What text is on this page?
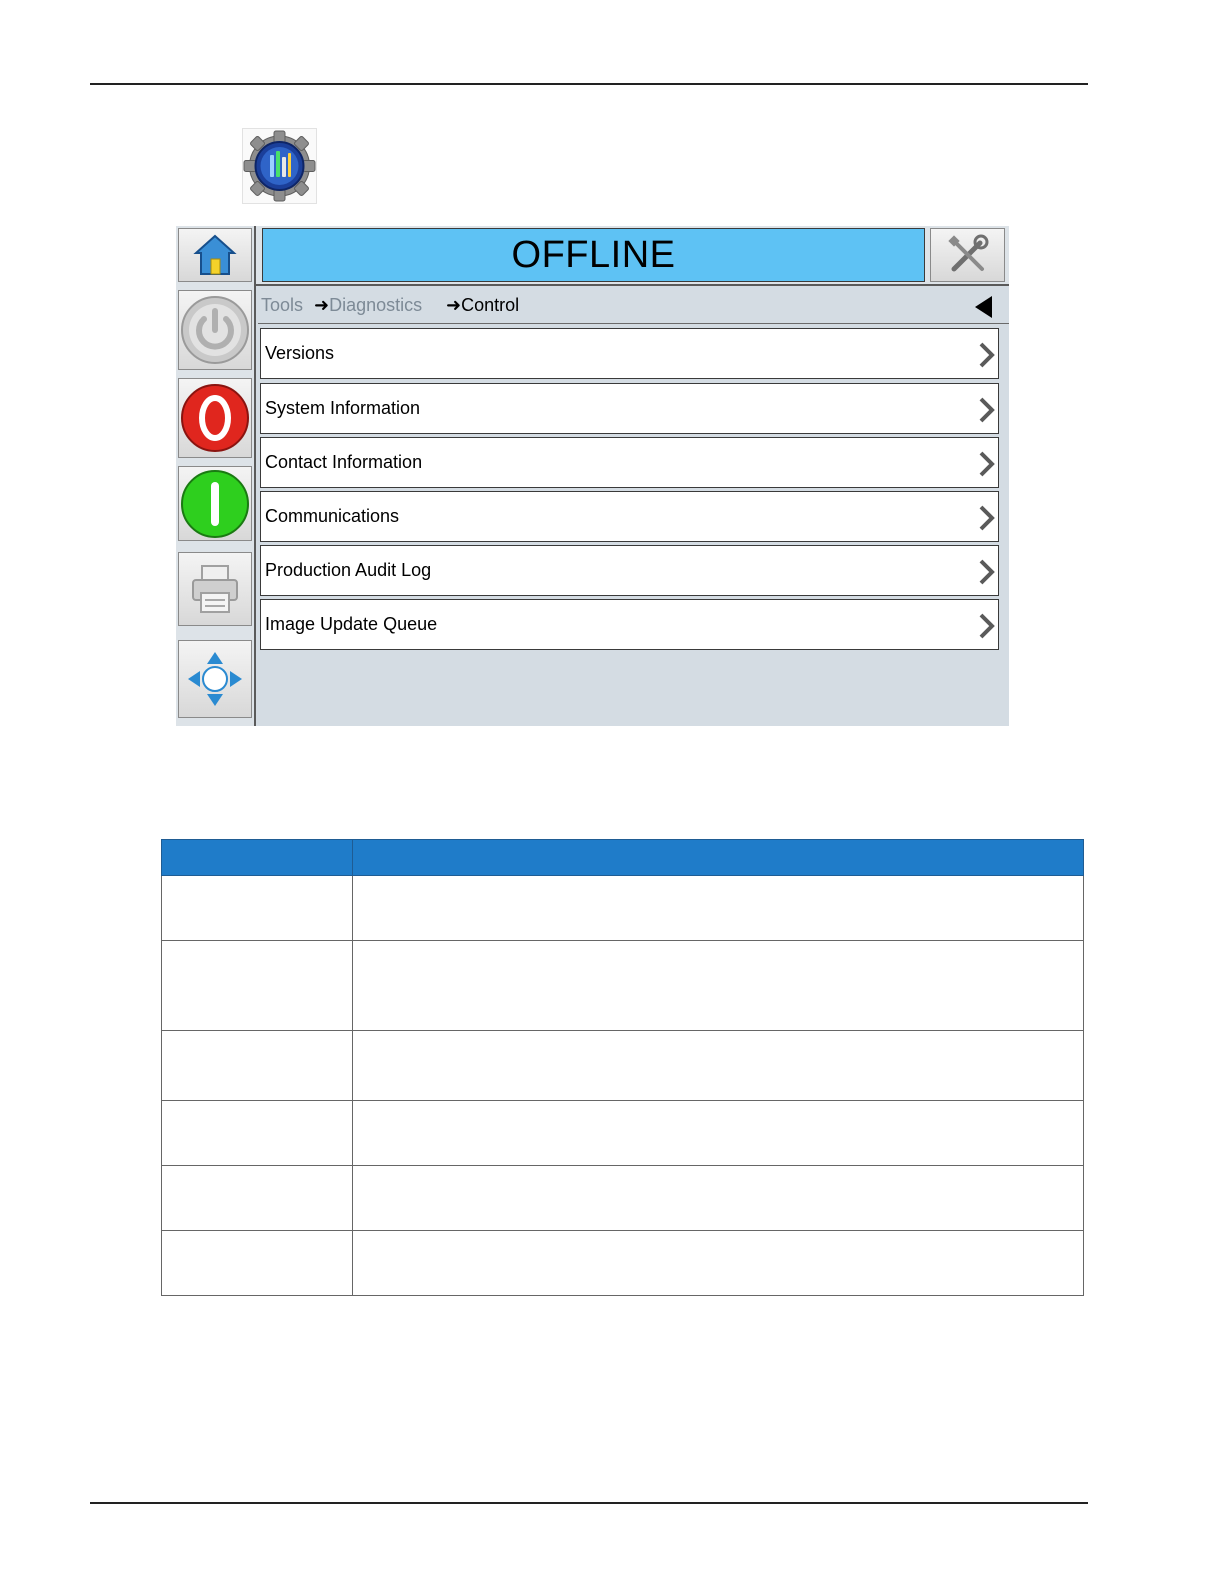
OFFLINE
Tools ➜Diagnostics ➜Control
Versions
System Information
Contact Information
Communications
Production Audit Log
Image Update Queue
